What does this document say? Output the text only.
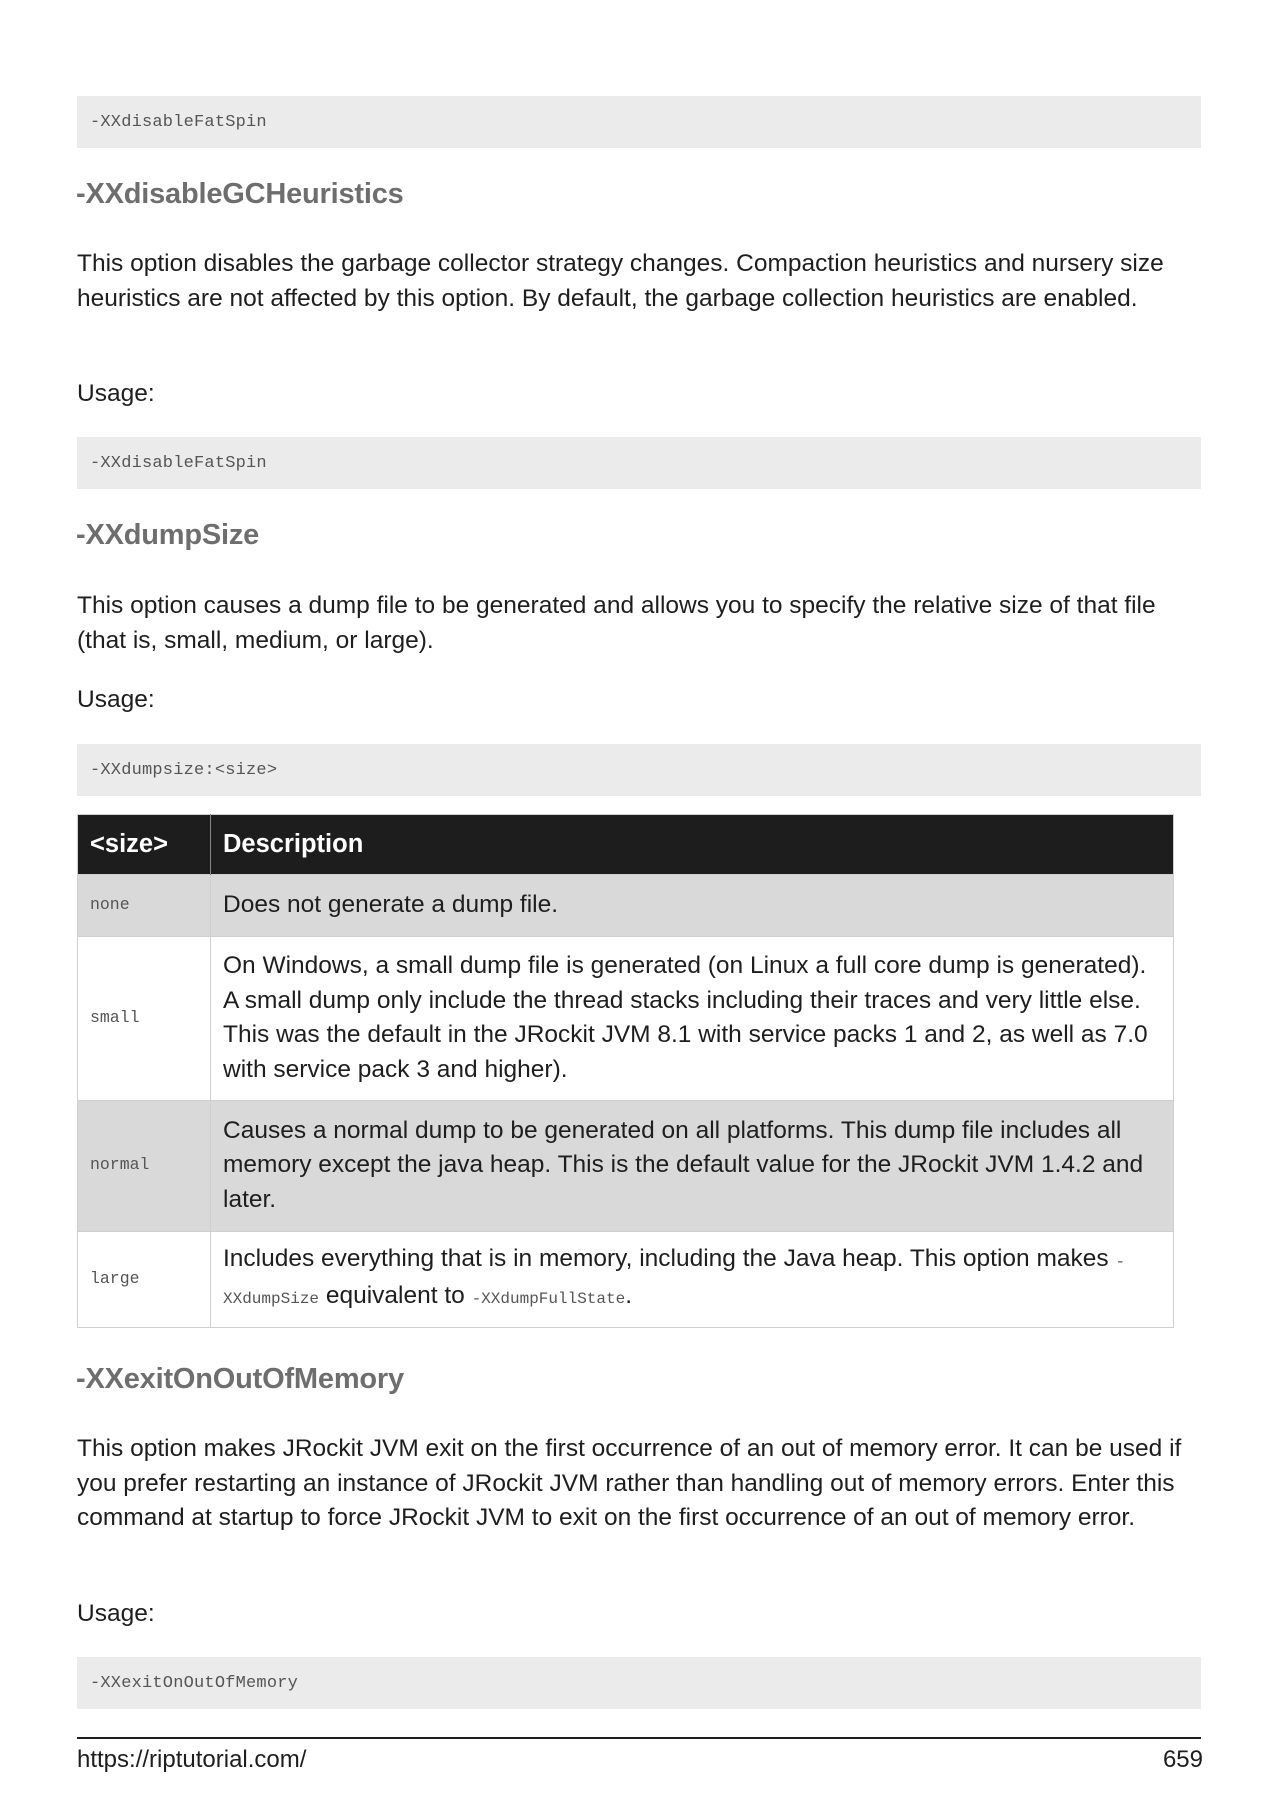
-XXdisableFatSpin
-XXdisableGCHeuristics

This option disables the garbage collector strategy changes. Compaction heuristics and nursery size heuristics are not affected by this option. By default, the garbage collection heuristics are enabled.

Usage:

-XXdisableFatSpin
-XXdumpSize

This option causes a dump file to be generated and allows you to specify the relative size of that file (that is, small, medium, or large).

Usage:

-XXdumpsize:<size>
<size>	Description
none	Does not generate a dump file.
small	On Windows, a small dump file is generated (on Linux a full core dump is generated). A small dump only include the thread stacks including their traces and very little else. This was the default in the JRockit JVM 8.1 with service packs 1 and 2, as well as 7.0 with service pack 3 and higher).
normal	Causes a normal dump to be generated on all platforms. This dump file includes all memory except the java heap. This is the default value for the JRockit JVM 1.4.2 and later.
large	Includes everything that is in memory, including the Java heap. This option makes -XXdumpSize equivalent to -XXdumpFullState.
-XXexitOnOutOfMemory

This option makes JRockit JVM exit on the first occurrence of an out of memory error. It can be used if you prefer restarting an instance of JRockit JVM rather than handling out of memory errors. Enter this command at startup to force JRockit JVM to exit on the first occurrence of an out of memory error.

Usage:

-XXexitOnOutOfMemory
https://riptutorial.com/	659
